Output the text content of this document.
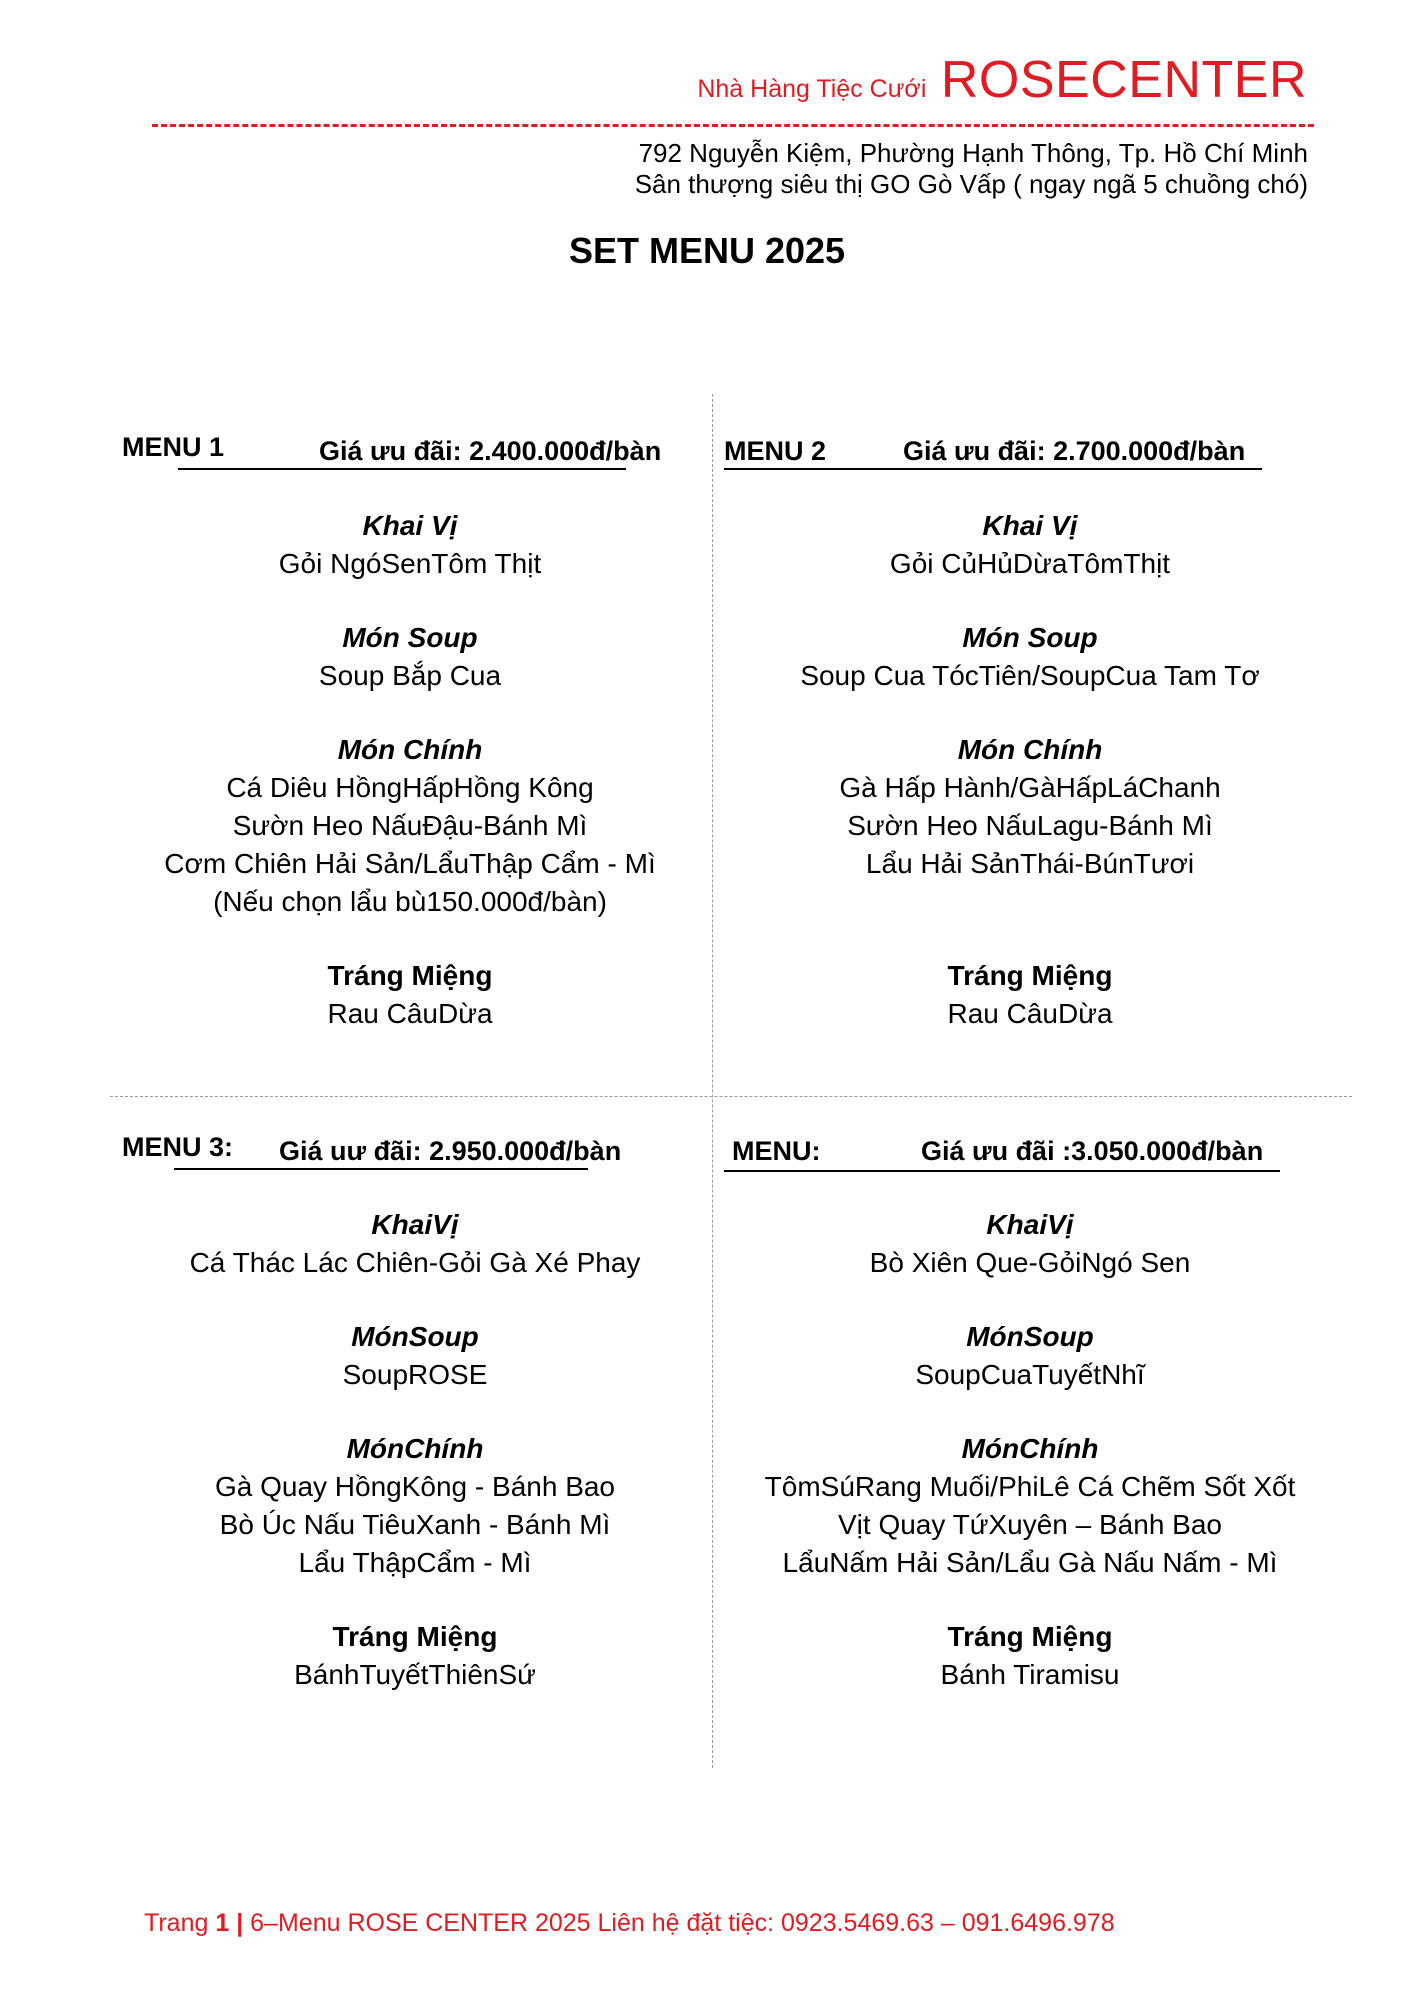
Nhà Hàng Tiệc Cưới ROSECENTER
792 Nguyễn Kiệm, Phường Hạnh Thông, Tp. Hồ Chí Minh
Sân thượng siêu thị GO Gò Vấp ( ngay ngã 5 chuồng chó)
SET MENU 2025
MENU 1	Giá ưu đãi: 2.400.000đ/bàn MENU 2	Giá ưu đãi: 2.700.000đ/bàn
MENU 3: Giá uư đãi: 2.950.000đ/bàn	MENU:	Giá ưu đãi :3.050.000đ/bàn
Khai Vị
Gỏi NgóSenTôm Thịt
Món Soup
Soup Bắp Cua
Món Chính
Cá Diêu HồngHấpHồng Kông
Sườn Heo NấuĐậu-Bánh Mì
Cơm Chiên Hải Sản/LẩuThập Cẩm - Mì
(Nếu chọn lẩu bù150.000đ/bàn)
Tráng Miệng
Rau CâuDừa
Khai Vị
Gỏi CủHủDừaTômThịt
Món Soup
Soup Cua TócTiên/SoupCua Tam Tơ
Món Chính
Gà Hấp Hành/GàHấpLáChanh
Sườn Heo NấuLagu-Bánh Mì
Lẩu Hải SảnThái-BúnTươi

Tráng Miệng
Rau CâuDừa
KhaiVị
Cá Thác Lác Chiên-Gỏi Gà Xé Phay
MónSoup
SoupROSE
MónChính
Gà Quay HồngKông - Bánh Bao
Bò Úc Nấu TiêuXanh - Bánh Mì
Lẩu ThậpCẩm - Mì
Tráng Miệng
BánhTuyếtThiênSứ
KhaiVị
Bò Xiên Que-GỏiNgó Sen
MónSoup
SoupCuaTuyếtNhĩ
MónChính
TômSúRang Muối/PhiLê Cá Chẽm Sốt Xốt
Vịt Quay TứXuyên – Bánh Bao
LẩuNấm Hải Sản/Lẩu Gà Nấu Nấm - Mì
Tráng Miệng
Bánh Tiramisu
Trang 1 | 6–Menu ROSE CENTER 2025 Liên hệ đặt tiệc: 0923.5469.63 – 091.6496.978
